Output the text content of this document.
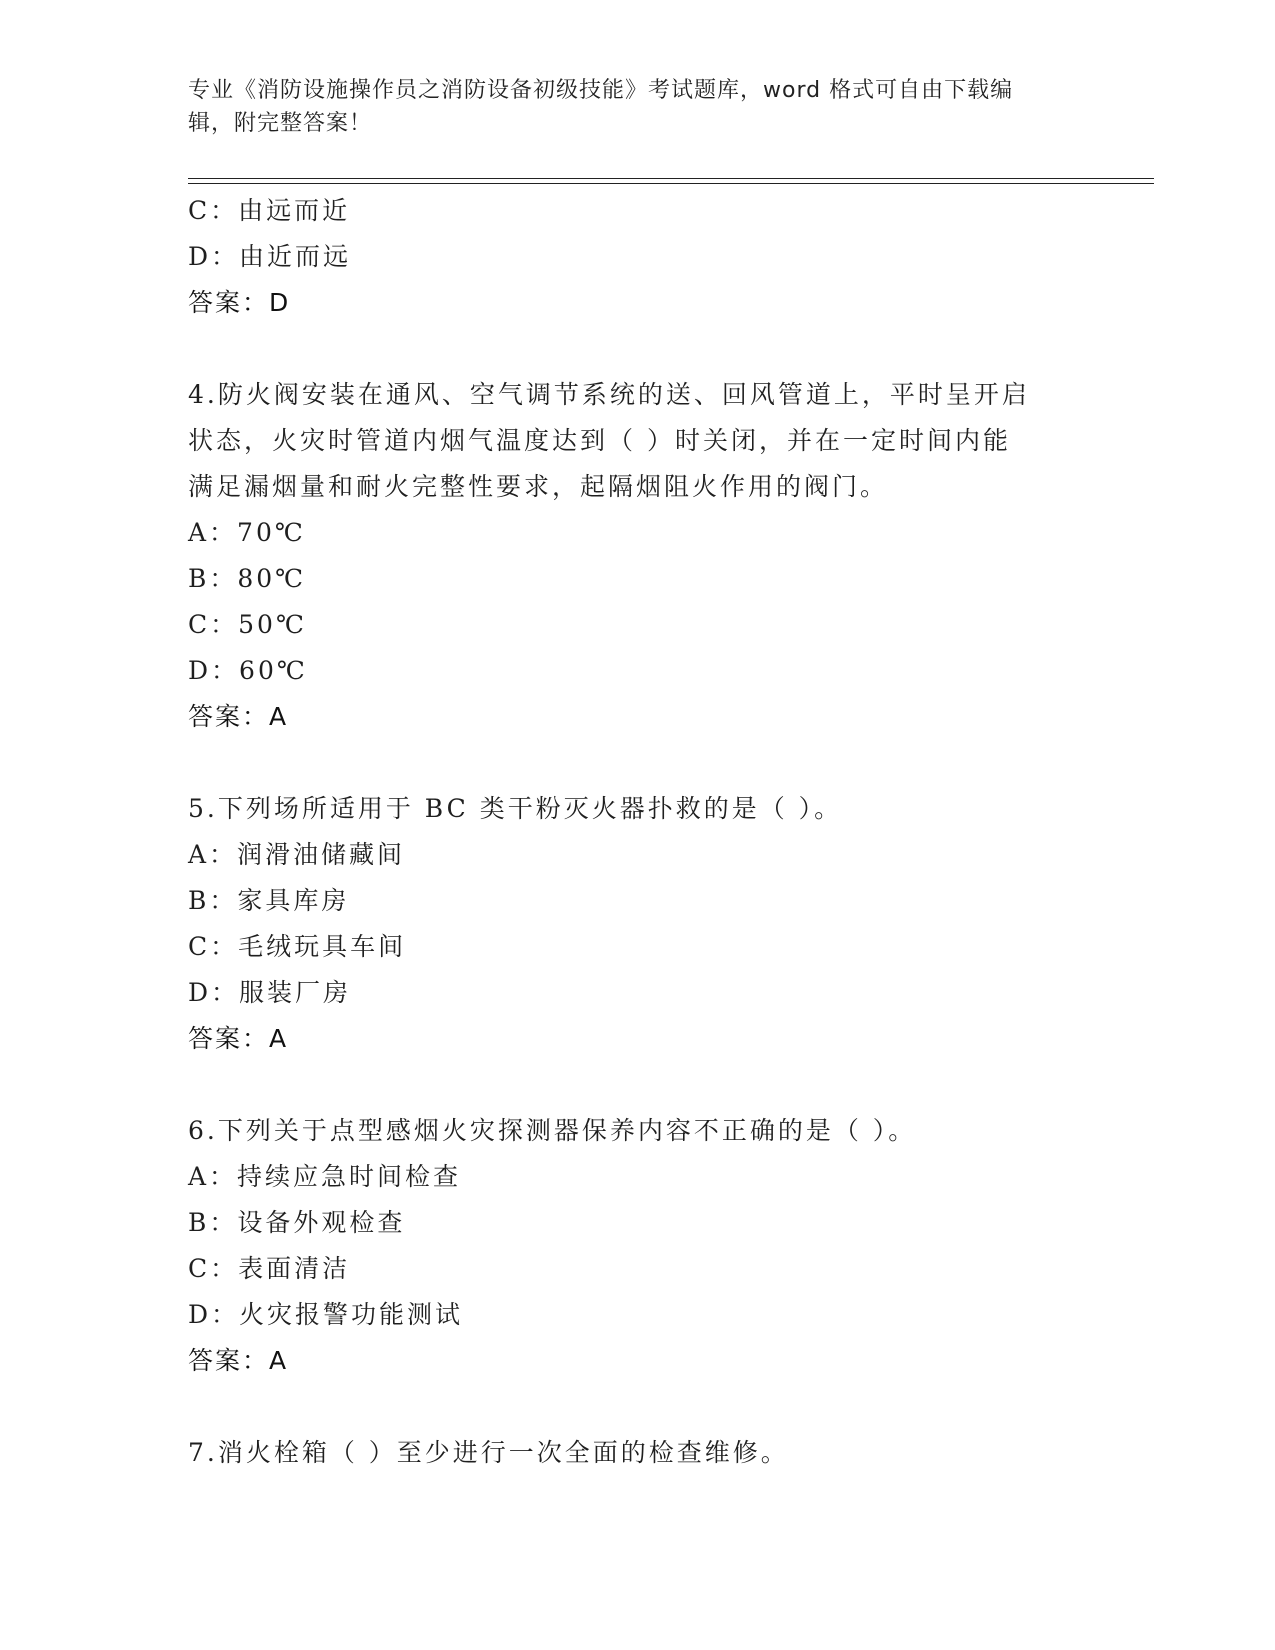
专业《消防设施操作员之消防设备初级技能》考试题库，word 格式可自由下载编
辑，附完整答案！
C：由远而近
D：由近而远
答案：D
4.防火阀安装在通风、空气调节系统的送、回风管道上，平时呈开启
状态，火灾时管道内烟气温度达到（ ）时关闭，并在一定时间内能
满足漏烟量和耐火完整性要求，起隔烟阻火作用的阀门。
A：70℃
B：80℃
C：50℃
D：60℃
答案：A
5.下列场所适用于 BC 类干粉灭火器扑救的是（ ）。
A：润滑油储藏间
B：家具库房
C：毛绒玩具车间
D：服装厂房
答案：A
6.下列关于点型感烟火灾探测器保养内容不正确的是（ ）。
A：持续应急时间检查
B：设备外观检查
C：表面清洁
D：火灾报警功能测试
答案：A
7.消火栓箱（ ）至少进行一次全面的检查维修。
